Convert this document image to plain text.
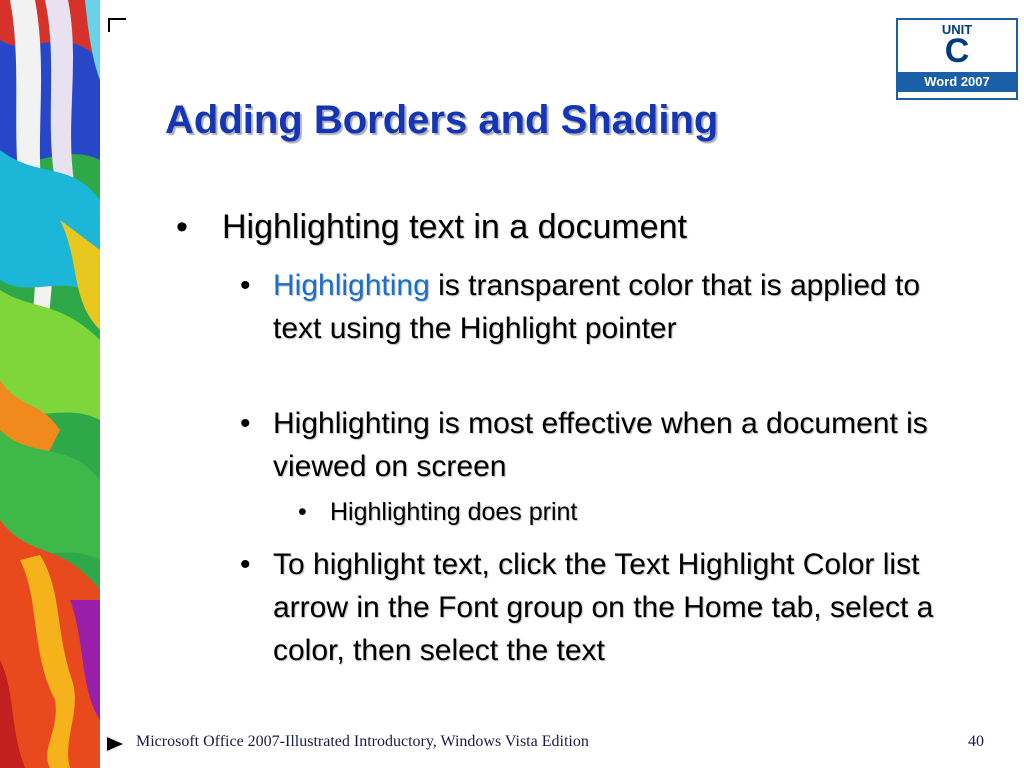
UNIT
C
Word 2007
Adding Borders and Shading
• Highlighting text in a document

• Highlighting is transparent color that is applied to text using the Highlight pointer

• Highlighting is most effective when a document is viewed on screen

• Highlighting does print

• To highlight text, click the Text Highlight Color list arrow in the Font group on the Home tab, select a color, then select the text

Microsoft Office 2007-Illustrated Introductory, Windows Vista Edition	40
